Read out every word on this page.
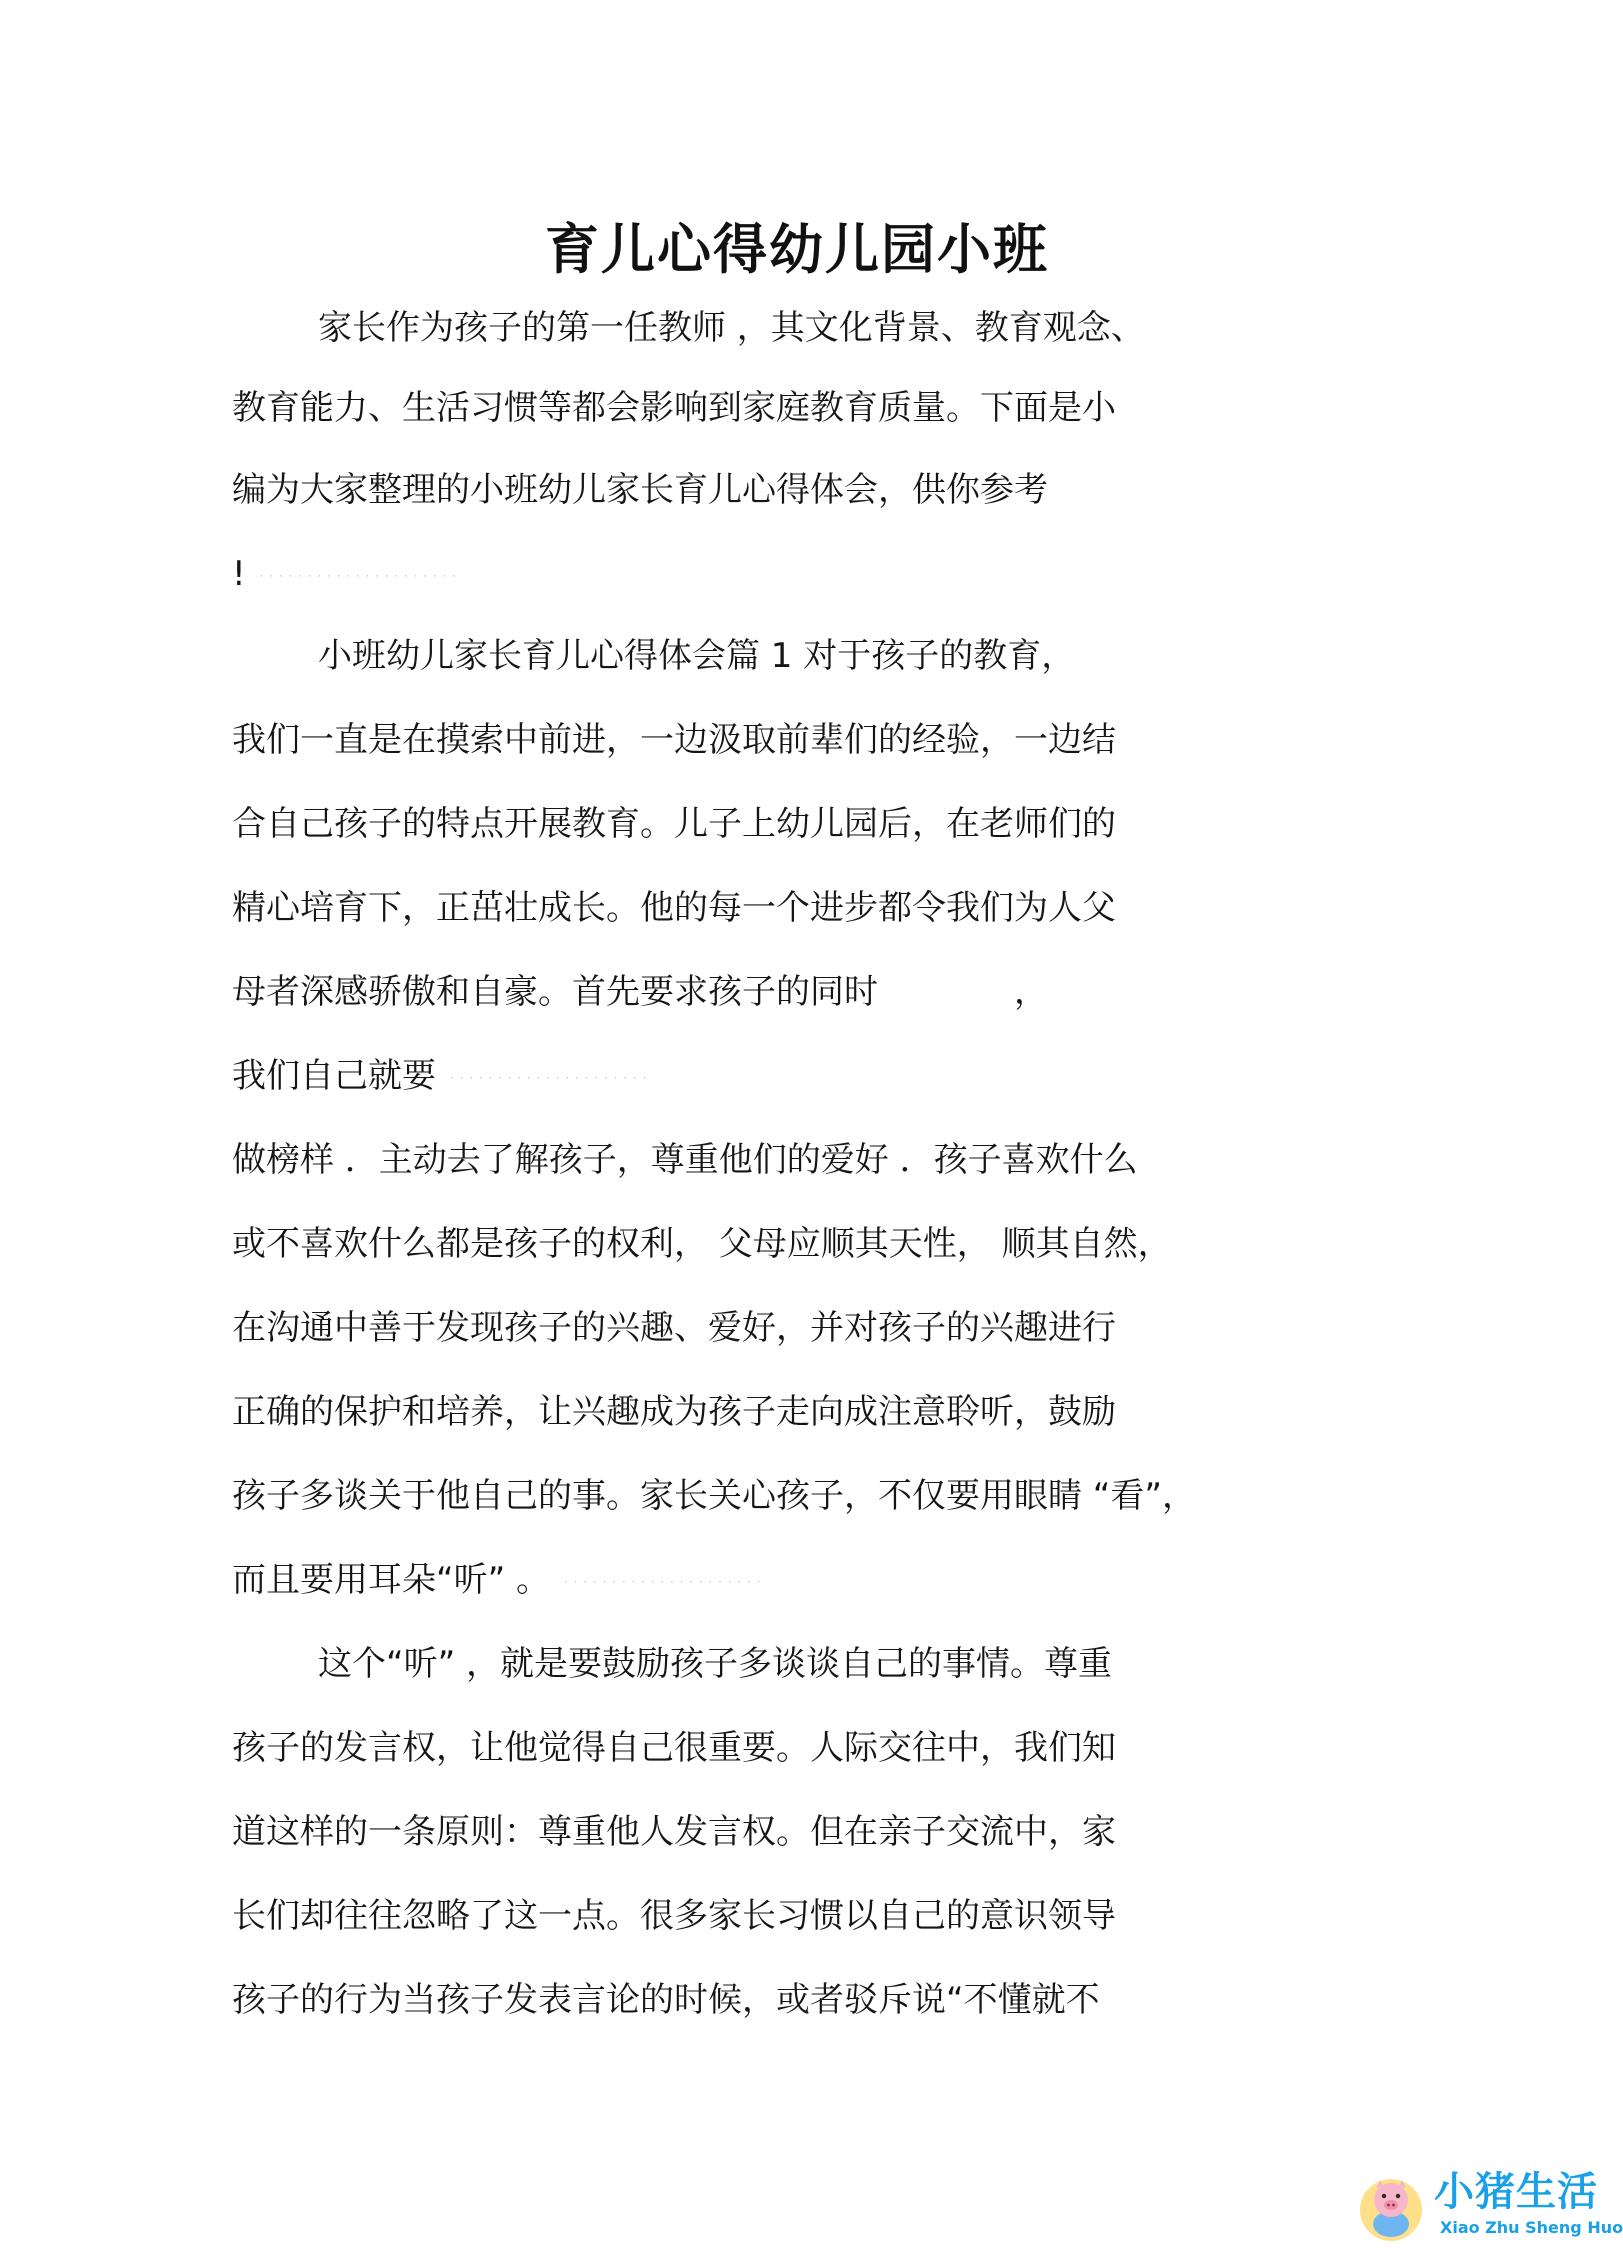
育儿心得幼儿园小班
家长作为孩子的第一任教师 ，其文化背景、教育观念、
教育能力、生活习惯等都会影响到家庭教育质量。下面是小
编为大家整理的小班幼儿家长育儿心得体会，供你参考
! · · · · · · · · · · · · · · · · · · · · ·
小班幼儿家长育儿心得体会篇 1 对于孩子的教育，
我们一直是在摸索中前进，一边汲取前辈们的经验，一边结
合自己孩子的特点开展教育。儿子上幼儿园后，在老师们的
精心培育下，正茁壮成长。他的每一个进步都令我们为人父
母者深感骄傲和自豪。首先要求孩子的同时　　　　，
我们自己就要 · · · · · · · · · · · · · · · · · · · · ·
做榜样 ．主动去了解孩子，尊重他们的爱好 ．孩子喜欢什么
或不喜欢什么都是孩子的权利， 父母应顺其天性， 顺其自然，
在沟通中善于发现孩子的兴趣、爱好，并对孩子的兴趣进行
正确的保护和培养，让兴趣成为孩子走向成注意聆听，鼓励
孩子多谈关于他自己的事。家长关心孩子，不仅要用眼睛 “看”，
而且要用耳朵“听” 。 · · · · · · · · · · · · · · · · · · · · ·
这个“听” ，就是要鼓励孩子多谈谈自己的事情。尊重
孩子的发言权，让他觉得自己很重要。人际交往中，我们知
道这样的一条原则：尊重他人发言权。但在亲子交流中，家
长们却往往忽略了这一点。很多家长习惯以自己的意识领导
孩子的行为当孩子发表言论的时候，或者驳斥说“不懂就不
小猪生活
Xiao Zhu Sheng Huo
